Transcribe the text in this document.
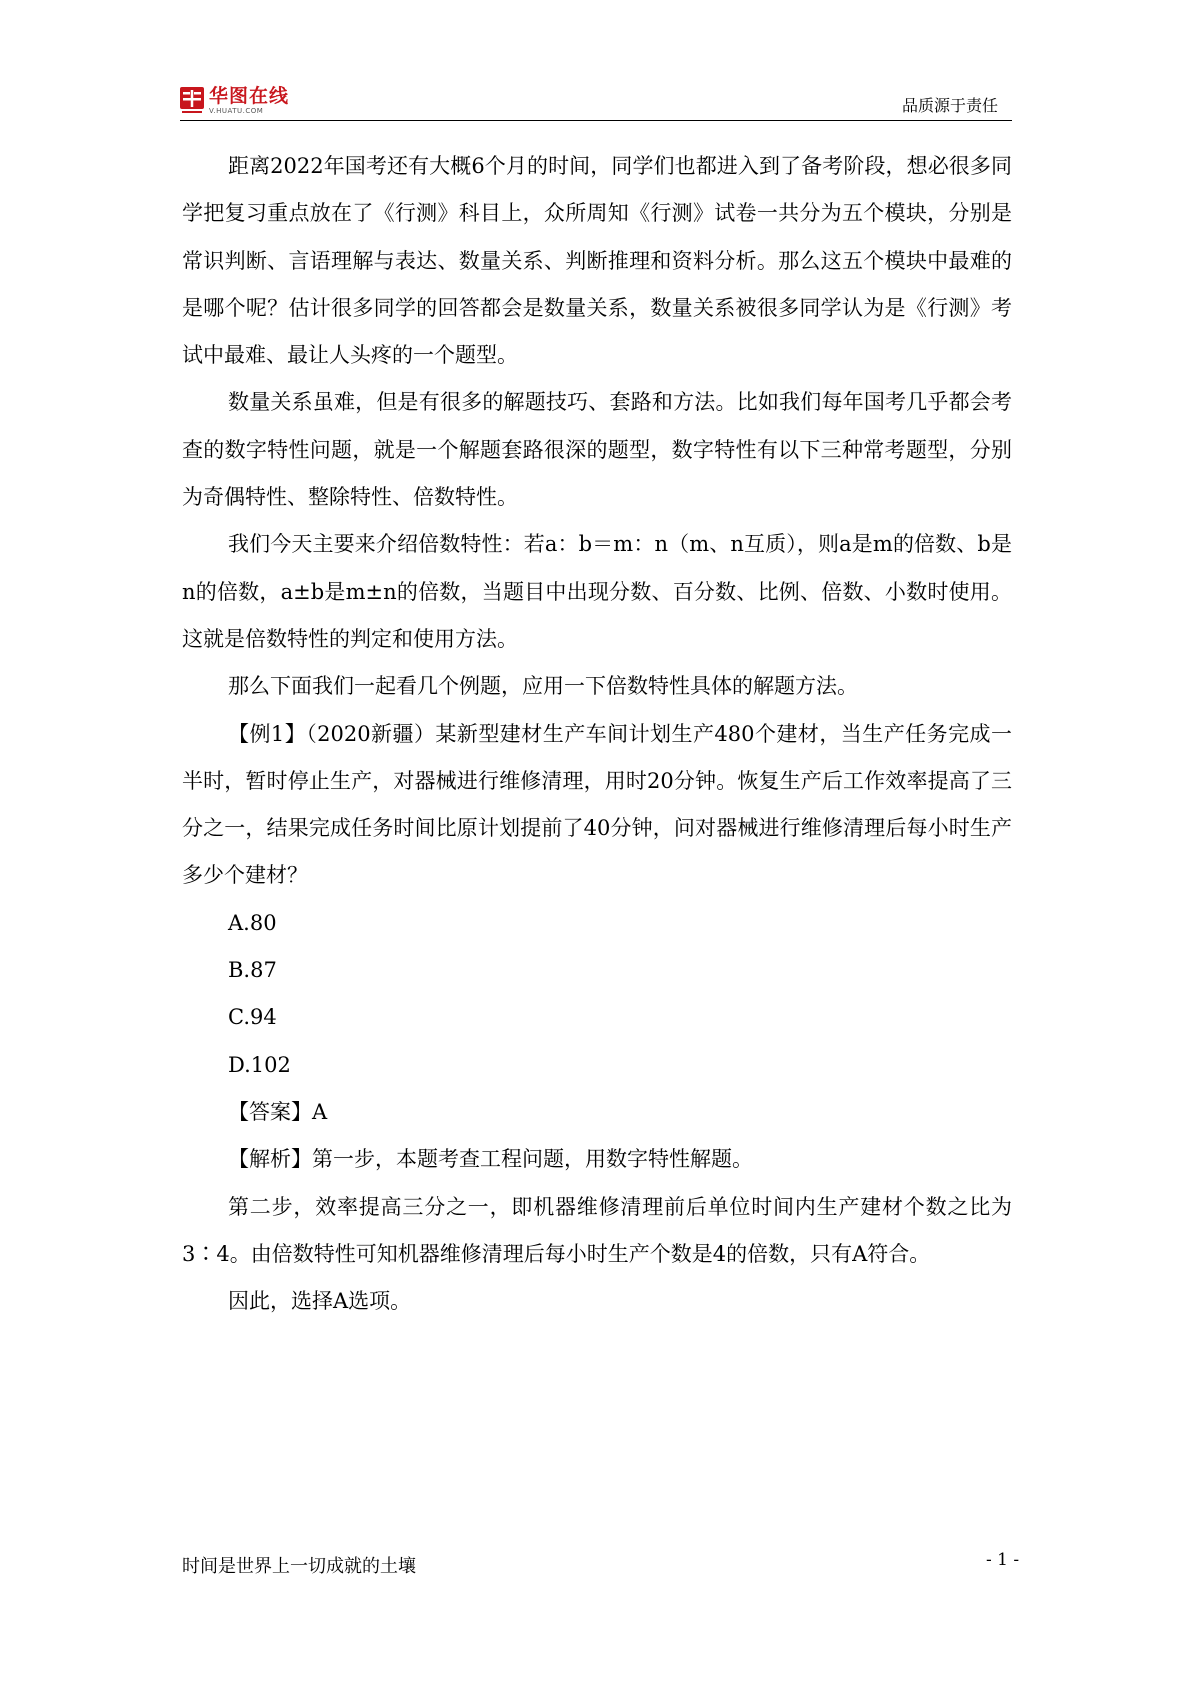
华图在线
V.HUATU.COM	品质源于责任

距离2022年国考还有大概6个月的时间，同学们也都进入到了备考阶段，想必很多同学把复习重点放在了《行测》科目上，众所周知《行测》试卷一共分为五个模块，分别是常识判断、言语理解与表达、数量关系、判断推理和资料分析。那么这五个模块中最难的是哪个呢？估计很多同学的回答都会是数量关系，数量关系被很多同学认为是《行测》考试中最难、最让人头疼的一个题型。

数量关系虽难，但是有很多的解题技巧、套路和方法。比如我们每年国考几乎都会考查的数字特性问题，就是一个解题套路很深的题型，数字特性有以下三种常考题型，分别为奇偶特性、整除特性、倍数特性。

我们今天主要来介绍倍数特性：若a：b＝m：n（m、n互质），则a是m的倍数、b是n的倍数，a±b是m±n的倍数，当题目中出现分数、百分数、比例、倍数、小数时使用。这就是倍数特性的判定和使用方法。

那么下面我们一起看几个例题，应用一下倍数特性具体的解题方法。

【例1】（2020新疆）某新型建材生产车间计划生产480个建材，当生产任务完成一半时，暂时停止生产，对器械进行维修清理，用时20分钟。恢复生产后工作效率提高了三分之一，结果完成任务时间比原计划提前了40分钟，问对器械进行维修清理后每小时生产多少个建材？

A.80

B.87

C.94

D.102

【答案】A

【解析】第一步，本题考查工程问题，用数字特性解题。

第二步，效率提高三分之一，即机器维修清理前后单位时间内生产建材个数之比为3∶4。由倍数特性可知机器维修清理后每小时生产个数是4的倍数，只有A符合。

因此，选择A选项。

时间是世界上一切成就的土壤	- 1 -
